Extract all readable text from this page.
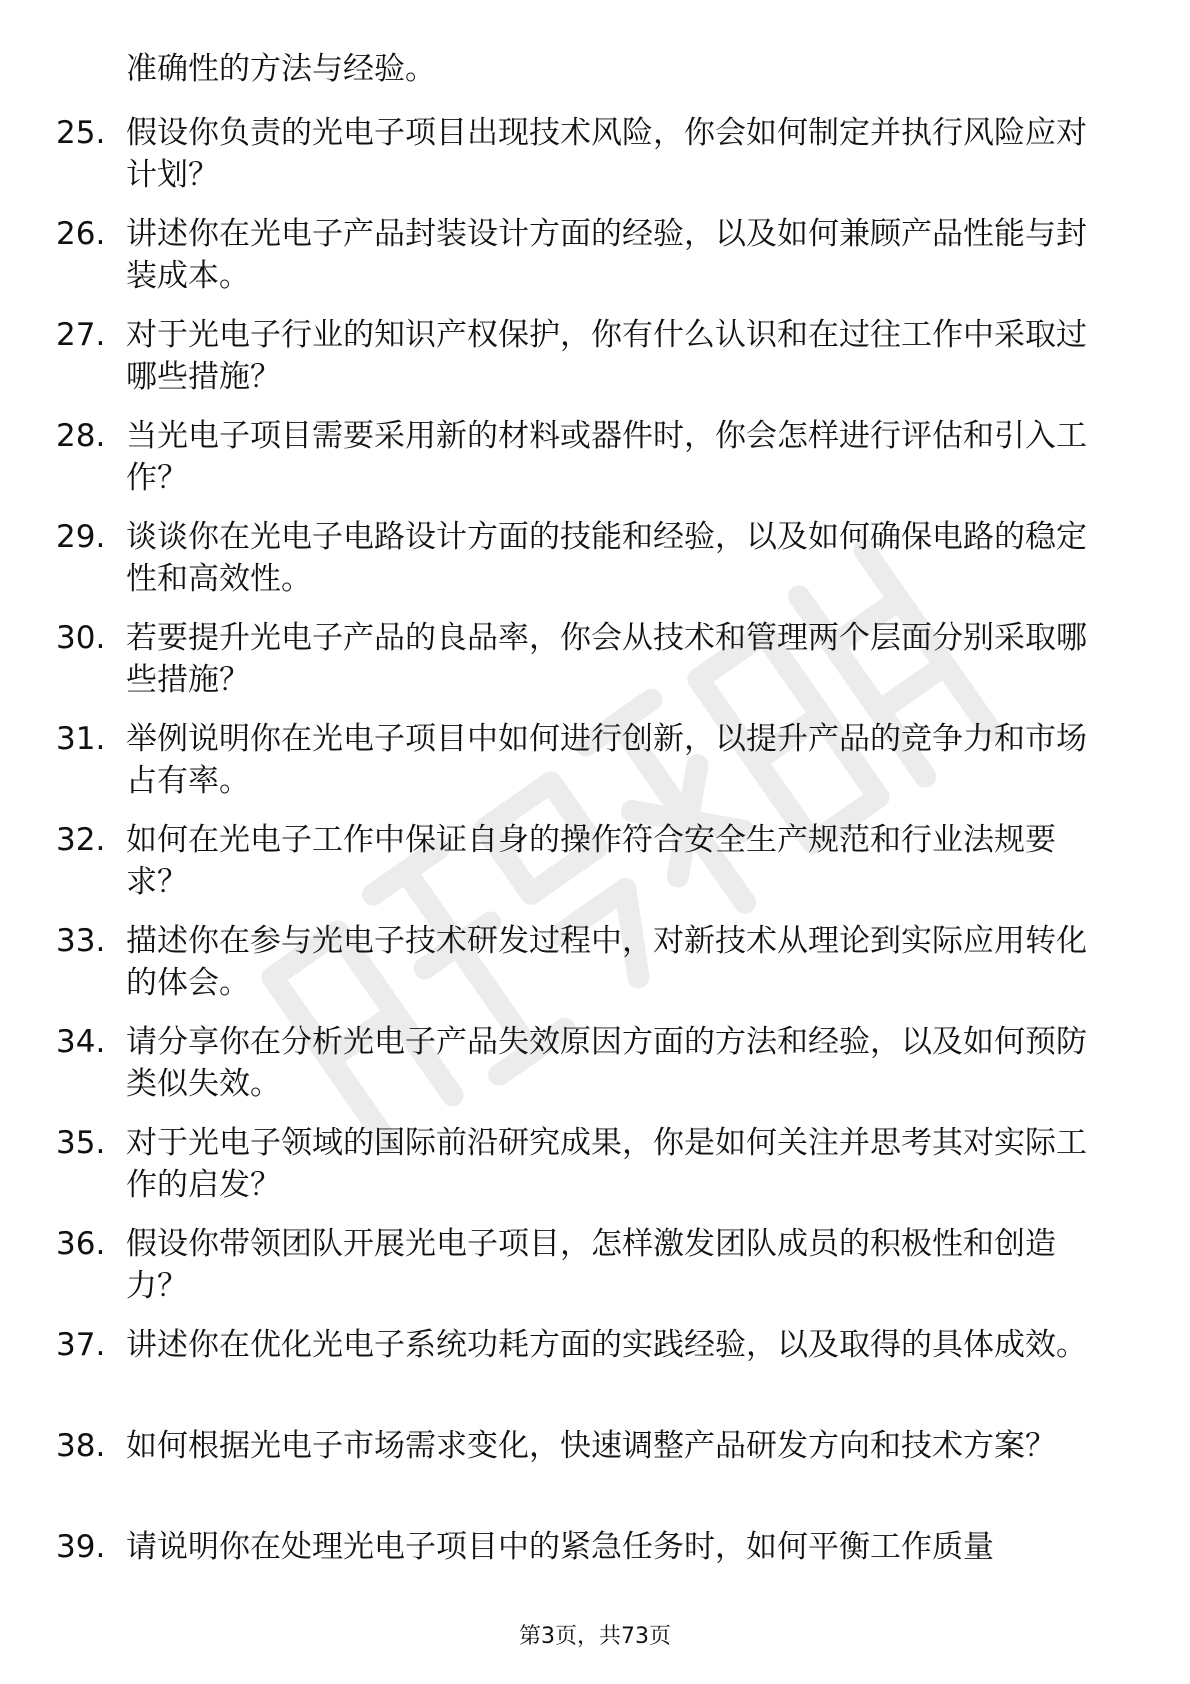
准确性的方法与经验。
25. 假设你负责的光电子项目出现技术风险，你会如何制定并执行风险应对计划？
26. 讲述你在光电子产品封装设计方面的经验，以及如何兼顾产品性能与封装成本。
27. 对于光电子行业的知识产权保护，你有什么认识和在过往工作中采取过哪些措施？
28. 当光电子项目需要采用新的材料或器件时，你会怎样进行评估和引入工作？
29. 谈谈你在光电子电路设计方面的技能和经验，以及如何确保电路的稳定性和高效性。
30. 若要提升光电子产品的良品率，你会从技术和管理两个层面分别采取哪些措施？
31. 举例说明你在光电子项目中如何进行创新，以提升产品的竞争力和市场占有率。
32. 如何在光电子工作中保证自身的操作符合安全生产规范和行业法规要求？
33. 描述你在参与光电子技术研发过程中，对新技术从理论到实际应用转化的体会。
34. 请分享你在分析光电子产品失效原因方面的方法和经验，以及如何预防类似失效。
35. 对于光电子领域的国际前沿研究成果，你是如何关注并思考其对实际工作的启发？
36. 假设你带领团队开展光电子项目，怎样激发团队成员的积极性和创造力？
37. 讲述你在优化光电子系统功耗方面的实践经验，以及取得的具体成效。
38. 如何根据光电子市场需求变化，快速调整产品研发方向和技术方案？
39. 请说明你在处理光电子项目中的紧急任务时，如何平衡工作质量
第3页，共73页
